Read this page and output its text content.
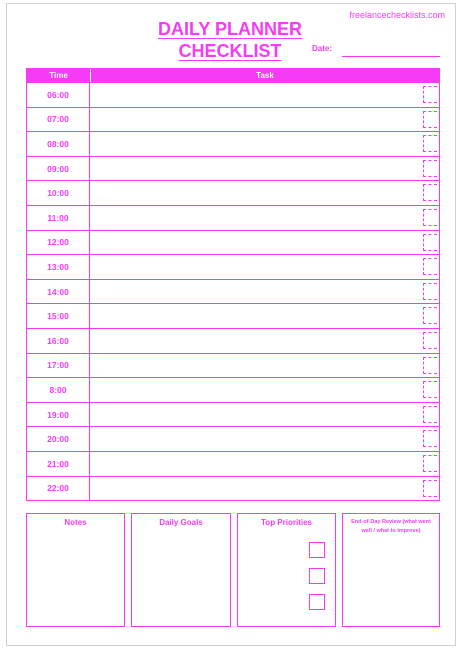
freelancechecklists.com
DAILY PLANNER
CHECKLIST	Date:
Time	Task
06:00
07:00
08:00
09:00
10:00
11:00
12:00
13:00
14:00
15:00
16:00
17:00
8:00
19:00
20:00
21:00
22:00
Notes	Daily Goals	Top Priorities	End-of-Day Review (what went well / what to improve)
